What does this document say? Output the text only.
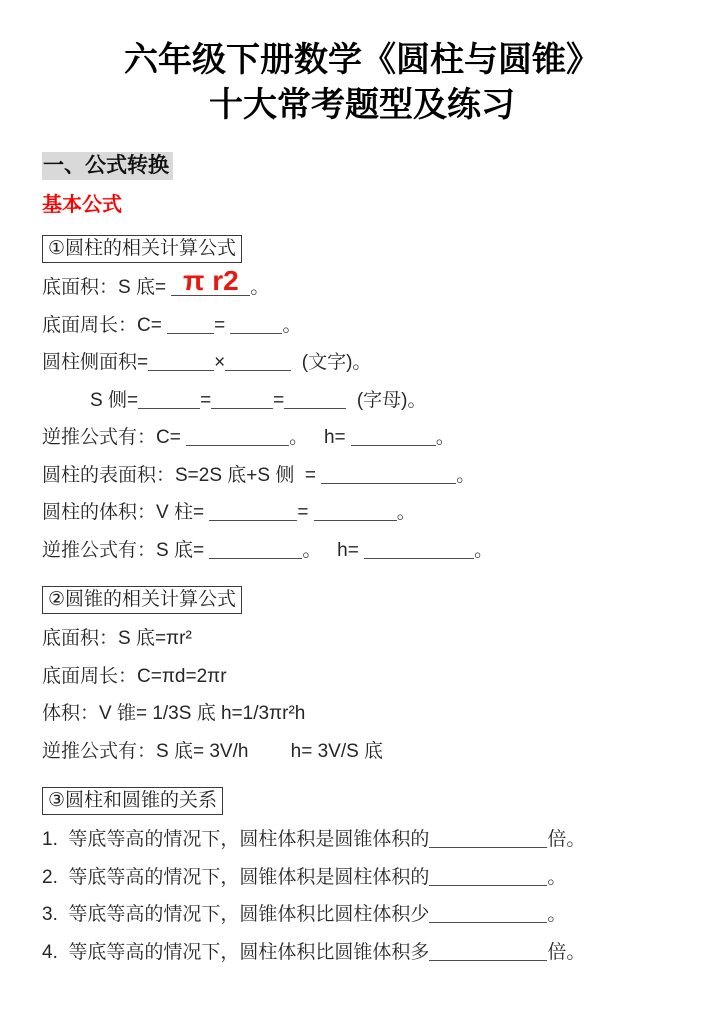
六年级下册数学《圆柱与圆锥》
十大常考题型及练习
一、公式转换
基本公式
①圆柱的相关计算公式

底面积：S 底= π r2 。

底面周长：C= =	。

圆柱侧面积=	×	(文字)。

S 侧=	=	=	(字母)。

逆推公式有：C=	。   h=	。

圆柱的表面积：S=2S 底+S 侧  =	。

圆柱的体积：V 柱=	=	。

逆推公式有：S 底=	。   h=	。

②圆锥的相关计算公式

底面积：S 底=πr²

底面周长：C=πd=2πr

体积：V 锥= 1/3S 底 h=1/3πr²h

逆推公式有：S 底= 3V/h        h= 3V/S 底

③圆柱和圆锥的关系

1.  等底等高的情况下，圆柱体积是圆锥体积的	倍。

2.  等底等高的情况下，圆锥体积是圆柱体积的	。

3.  等底等高的情况下，圆锥体积比圆柱体积少	。

4.  等底等高的情况下，圆柱体积比圆锥体积多	倍。
